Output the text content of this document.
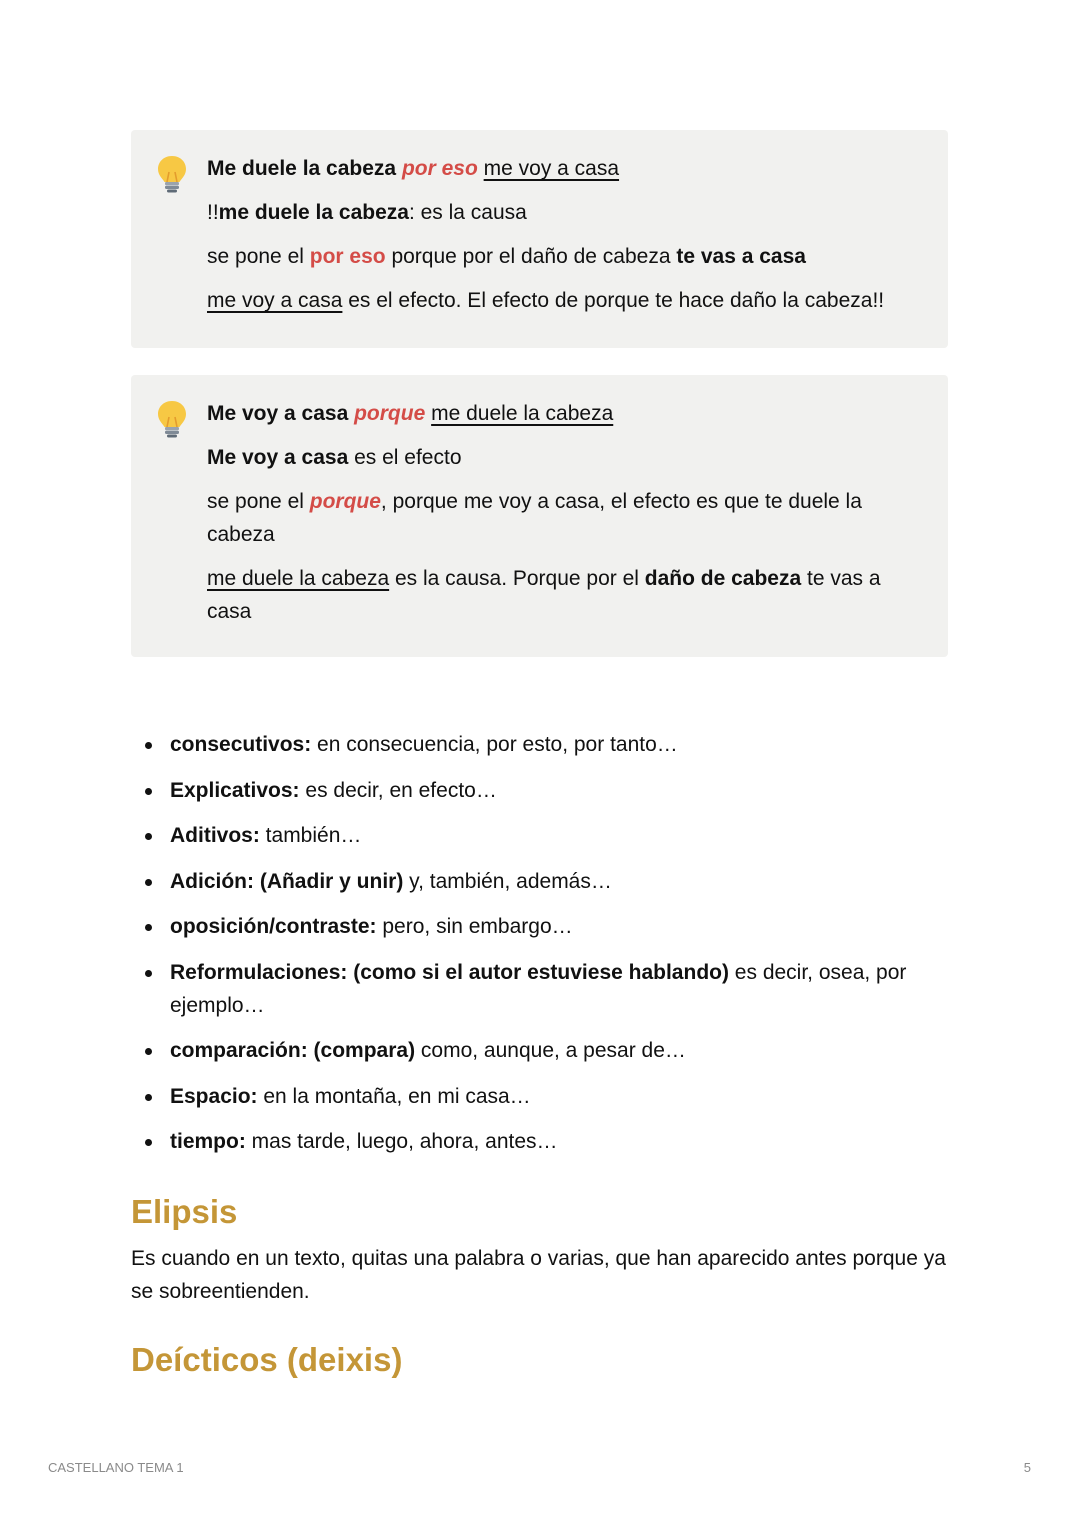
Me duele la cabeza por eso me voy a casa

!!me duele la cabeza: es la causa

se pone el por eso porque por el daño de cabeza te vas a casa

me voy a casa es el efecto. El efecto de porque te hace daño la cabeza!!

Me voy a casa porque me duele la cabeza

Me voy a casa es el efecto

se pone el porque, porque me voy a casa, el efecto es que te duele la cabeza

me duele la cabeza es la causa. Porque por el daño de cabeza te vas a casa

consecutivos: en consecuencia, por esto, por tanto…
Explicativos: es decir, en efecto…
Aditivos: también…
Adición: (Añadir y unir) y, también, además…
oposición/contraste: pero, sin embargo…
Reformulaciones: (como si el autor estuviese hablando) es decir, osea, por ejemplo…
comparación: (compara) como, aunque, a pesar de…
Espacio: en la montaña, en mi casa…
tiempo: mas tarde, luego, ahora, antes…
Elipsis

Es cuando en un texto, quitas una palabra o varias, que han aparecido antes porque ya se sobreentienden.

Deícticos (deixis)
CASTELLANO TEMA 1	5
